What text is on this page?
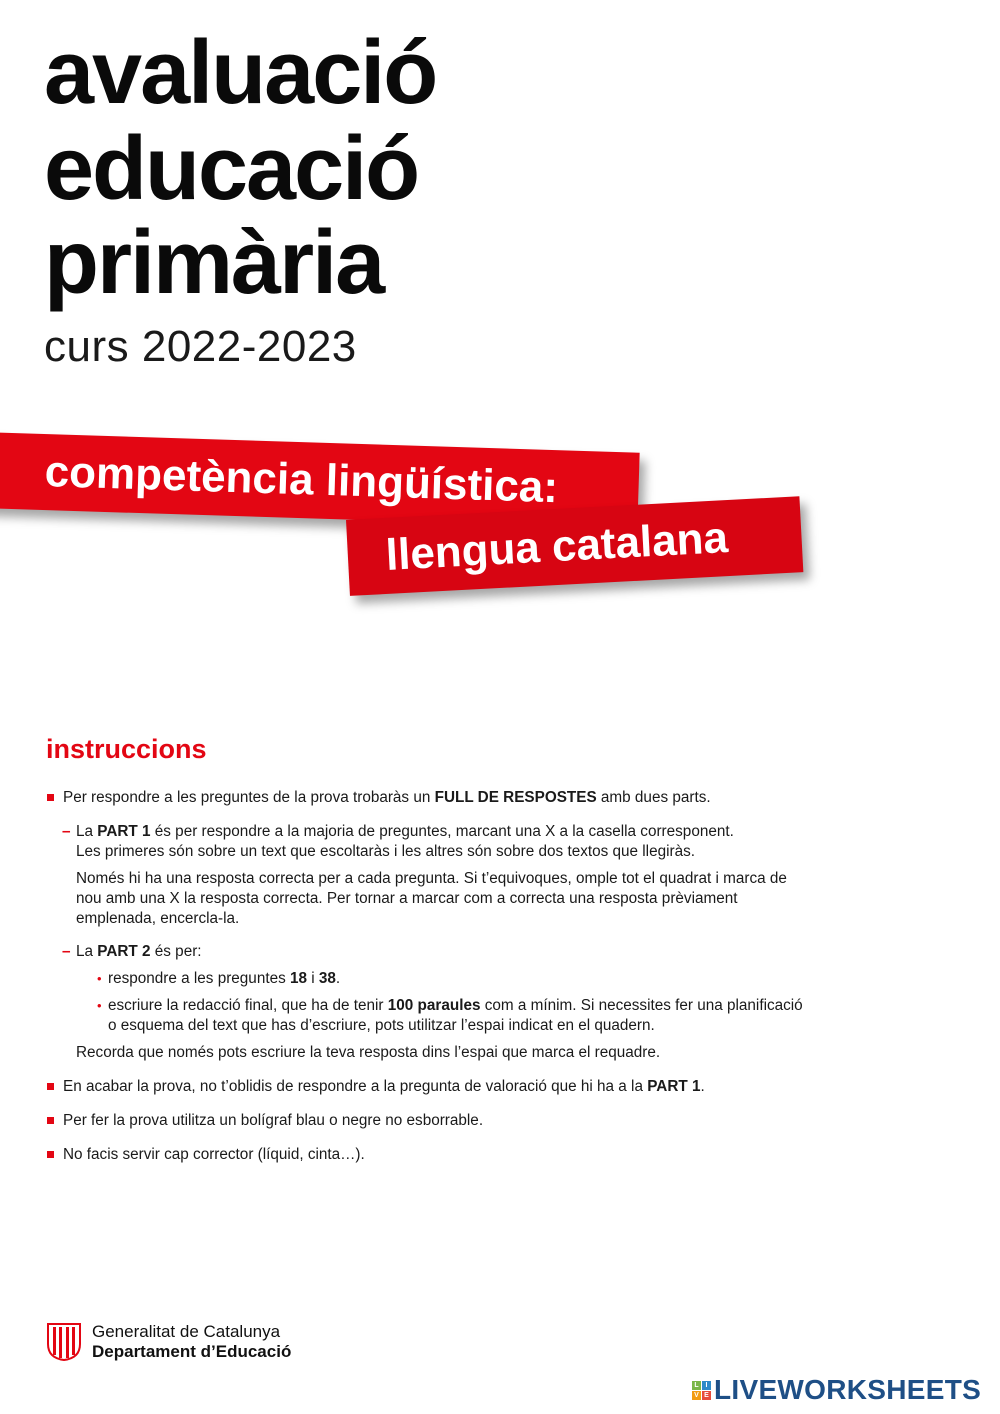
avaluació
educació
primària
curs 2022-2023
competència lingüística:
llengua catalana
instruccions
Per respondre a les preguntes de la prova trobaràs un FULL DE RESPOSTES amb dues parts.
– La PART 1 és per respondre a la majoria de preguntes, marcant una X a la casella corresponent.
Les primeres són sobre un text que escoltaràs i les altres són sobre dos textos que llegiràs.
Només hi ha una resposta correcta per a cada pregunta. Si t’equivoques, omple tot el quadrat i marca de nou amb una X la resposta correcta. Per tornar a marcar com a correcta una resposta prèviament emplenada, encercla-la.
– La PART 2 és per:
• respondre a les preguntes 18 i 38.
• escriure la redacció final, que ha de tenir 100 paraules com a mínim. Si necessites fer una planificació o esquema del text que has d’escriure, pots utilitzar l’espai indicat en el quadern.
Recorda que només pots escriure la teva resposta dins l’espai que marca el requadre.
En acabar la prova, no t’oblidis de respondre a la pregunta de valoració que hi ha a la PART 1.
Per fer la prova utilitza un bolígraf blau o negre no esborrable.
No facis servir cap corrector (líquid, cinta…).
Generalitat de Catalunya
Departament d’Educació
L I
V E LIVEWORKSHEETS
